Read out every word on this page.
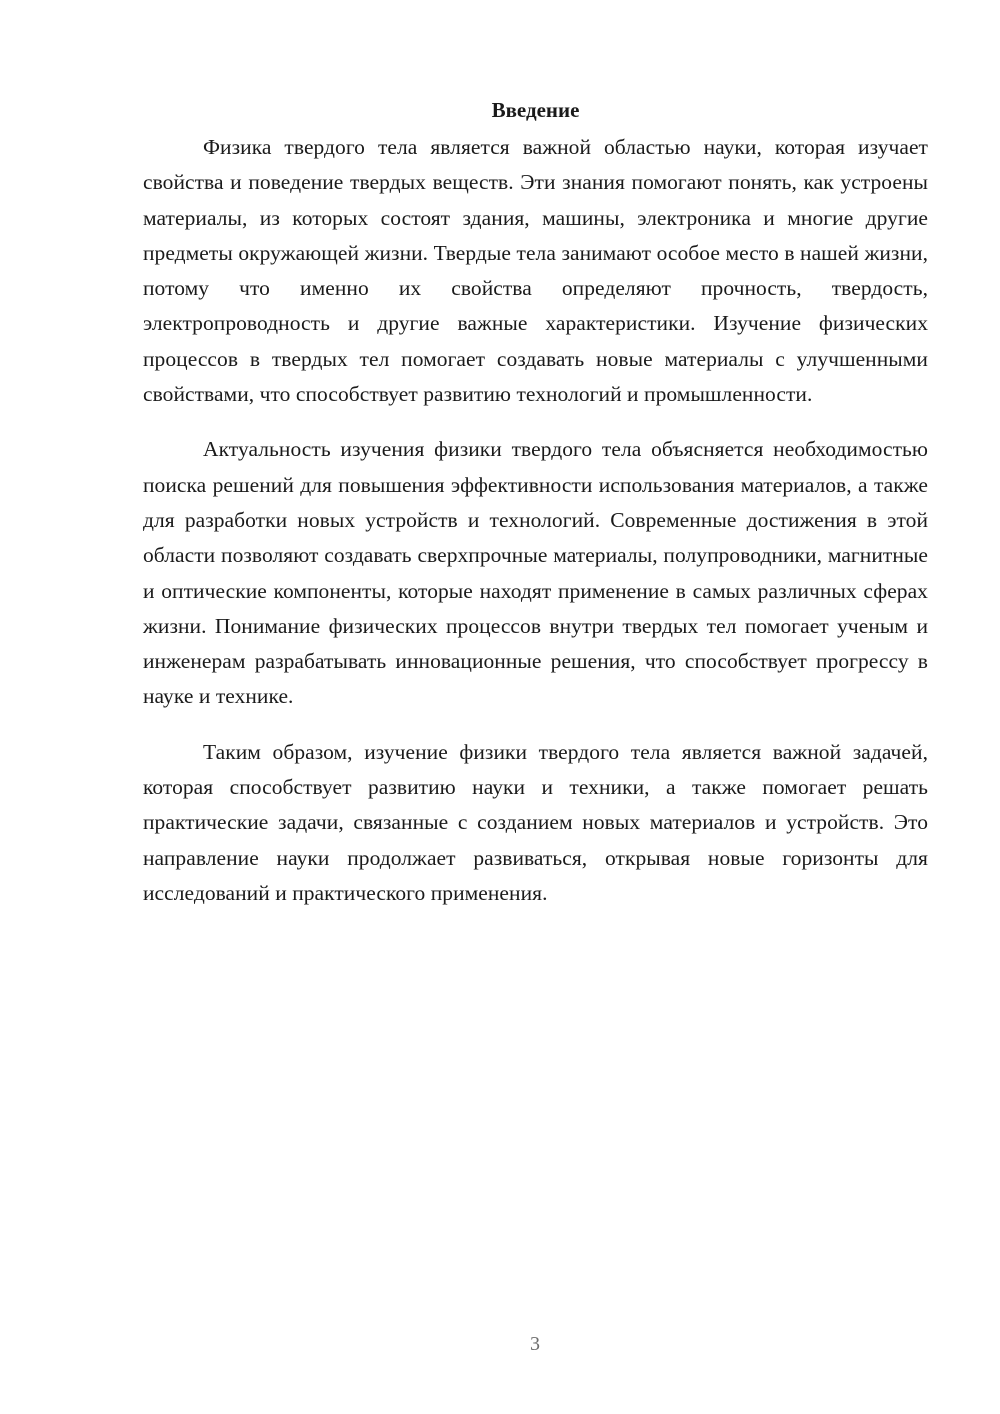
Введение

Физика твердого тела является важной областью науки, которая изучает свойства и поведение твердых веществ. Эти знания помогают понять, как устроены материалы, из которых состоят здания, машины, электроника и многие другие предметы окружающей жизни. Твердые тела занимают особое место в нашей жизни, потому что именно их свойства определяют прочность, твердость, электропроводность и другие важные характеристики. Изучение физических процессов в твердых тел помогает создавать новые материалы с улучшенными свойствами, что способствует развитию технологий и промышленности.

Актуальность изучения физики твердого тела объясняется необходимостью поиска решений для повышения эффективности использования материалов, а также для разработки новых устройств и технологий. Современные достижения в этой области позволяют создавать сверхпрочные материалы, полупроводники, магнитные и оптические компоненты, которые находят применение в самых различных сферах жизни. Понимание физических процессов внутри твердых тел помогает ученым и инженерам разрабатывать инновационные решения, что способствует прогрессу в науке и технике.

Таким образом, изучение физики твердого тела является важной задачей, которая способствует развитию науки и техники, а также помогает решать практические задачи, связанные с созданием новых материалов и устройств. Это направление науки продолжает развиваться, открывая новые горизонты для исследований и практического применения.

3
